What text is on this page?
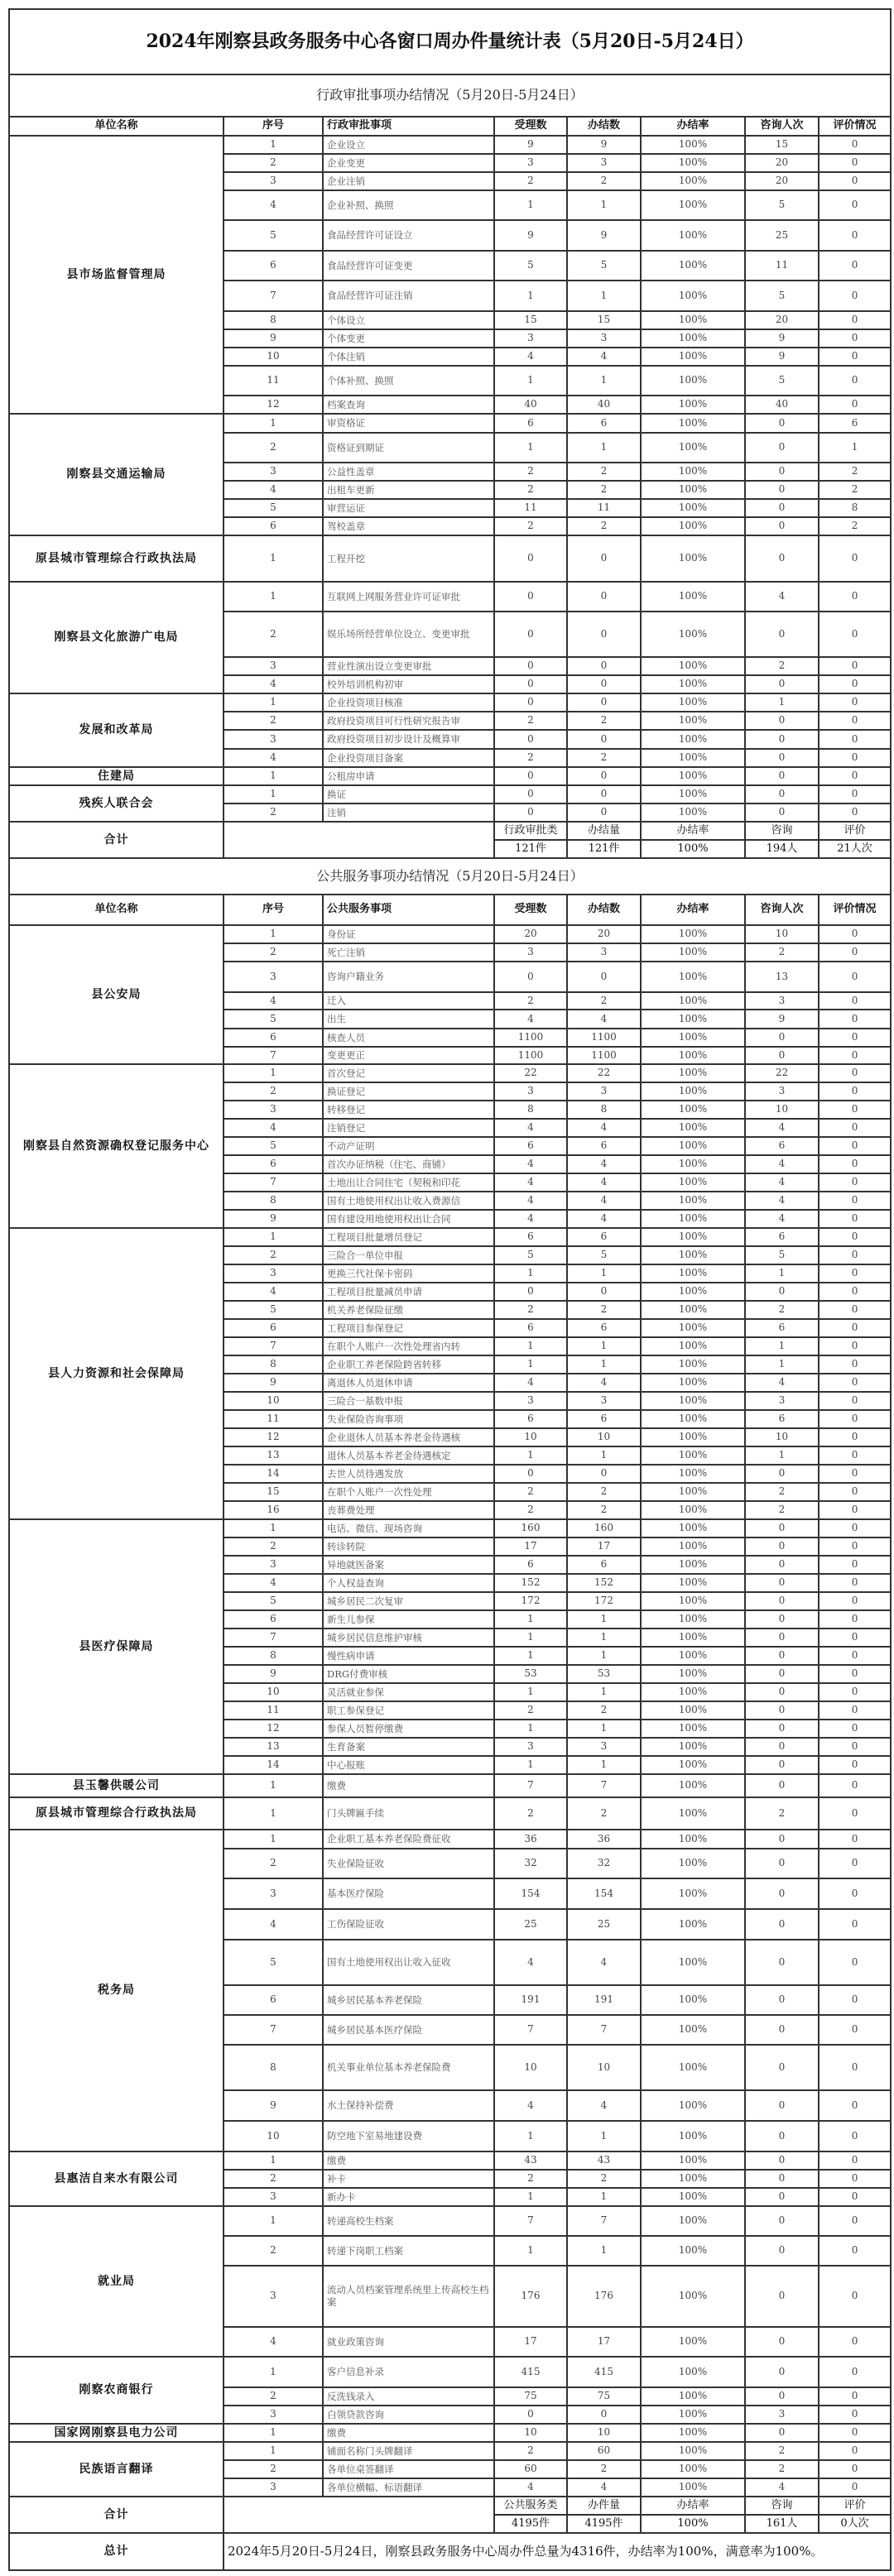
2024年刚察县政务服务中心各窗口周办件量统计表（5月20日-5月24日）							
行政审批事项办结情况（5月20日-5月24日）							
单位名称	序号	行政审批事项	受理数	办结数	办结率	咨询人次	评价情况
县市场监督管理局	1	企业设立	9	9	100%	15	0
	2	企业变更	3	3	100%	20	0
	3	企业注销	2	2	100%	20	0
	4	企业补照、换照	1	1	100%	5	0
	5	食品经营许可证设立	9	9	100%	25	0
	6	食品经营许可证变更	5	5	100%	11	0
	7	食品经营许可证注销	1	1	100%	5	0
	8	个体设立	15	15	100%	20	0
	9	个体变更	3	3	100%	9	0
	10	个体注销	4	4	100%	9	0
	11	个体补照、换照	1	1	100%	5	0
	12	档案查询	40	40	100%	40	0
刚察县交通运输局	1	审资格证	6	6	100%	0	6
	2	资格证到期证	1	1	100%	0	1
	3	公益性盖章	2	2	100%	0	2
	4	出租车更新	2	2	100%	0	2
	5	审营运证	11	11	100%	0	8
	6	驾校盖章	2	2	100%	0	2
原县城市管理综合行政执法局	1	工程开挖	0	0	100%	0	0
刚察县文化旅游广电局	1	互联网上网服务营业许可证审批	0	0	100%	4	0
	2	娱乐场所经营单位设立、变更审批	0	0	100%	0	0
	3	营业性演出设立变更审批	0	0	100%	2	0
	4	校外培训机构初审	0	0	100%	0	0
发展和改革局	1	企业投资项目核准	0	0	100%	1	0
	2	政府投资项目可行性研究报告审	2	2	100%	0	0
	3	政府投资项目初步设计及概算审	0	0	100%	0	0
	4	企业投资项目备案	2	2	100%	0	0
住建局	1	公租房申请	0	0	100%	0	0
残疾人联合会	1	换证	0	0	100%	0	0
	2	注销	0	0	100%	0	0
合计			行政审批类	办结量	办结率	咨询	评价
			121件	121件	100%	194人	21人次
公共服务事项办结情况（5月20日-5月24日）							
单位名称	序号	公共服务事项	受理数	办结数	办结率	咨询人次	评价情况
县公安局	1	身份证	20	20	100%	10	0
	2	死亡注销	3	3	100%	2	0
	3	咨询户籍业务	0	0	100%	13	0
	4	迁入	2	2	100%	3	0
	5	出生	4	4	100%	9	0
	6	核查人员	1100	1100	100%	0	0
	7	变更更正	1100	1100	100%	0	0
刚察县自然资源确权登记服务中心	1	首次登记	22	22	100%	22	0
	2	换证登记	3	3	100%	3	0
	3	转移登记	8	8	100%	10	0
	4	注销登记	4	4	100%	4	0
	5	不动产证明	6	6	100%	6	0
	6	首次办证纳税（住宅、商铺）	4	4	100%	4	0
	7	土地出让合同住宅（契税和印花	4	4	100%	4	0
	8	国有土地使用权出让收入费源信	4	4	100%	4	0
	9	国有建设用地使用权出让合同	4	4	100%	4	0
县人力资源和社会保障局	1	工程项目批量增员登记	6	6	100%	6	0
	2	三险合一单位申报	5	5	100%	5	0
	3	更换三代社保卡密码	1	1	100%	1	0
	4	工程项目批量减员申请	0	0	100%	0	0
	5	机关养老保险征缴	2	2	100%	2	0
	6	工程项目参保登记	6	6	100%	6	0
	7	在职个人账户一次性处理省内转	1	1	100%	1	0
	8	企业职工养老保险跨省转移	1	1	100%	1	0
	9	离退休人员退休申请	4	4	100%	4	0
	10	三险合一基数申报	3	3	100%	3	0
	11	失业保险咨询事项	6	6	100%	6	0
	12	企业退休人员基本养老金待遇核	10	10	100%	10	0
	13	退休人员基本养老金待遇核定	1	1	100%	1	0
	14	去世人员待遇发放	0	0	100%	0	0
	15	在职个人账户一次性处理	2	2	100%	2	0
	16	丧葬费处理	2	2	100%	2	0
县医疗保障局	1	电话、微信、现场咨询	160	160	100%	0	0
	2	转诊转院	17	17	100%	0	0
	3	异地就医备案	6	6	100%	0	0
	4	个人权益查询	152	152	100%	0	0
	5	城乡居民二次复审	172	172	100%	0	0
	6	新生儿参保	1	1	100%	0	0
	7	城乡居民信息维护审核	1	1	100%	0	0
	8	慢性病申请	1	1	100%	0	0
	9	DRG付费审核	53	53	100%	0	0
	10	灵活就业参保	1	1	100%	0	0
	11	职工参保登记	2	2	100%	0	0
	12	参保人员暂停缴费	1	1	100%	0	0
	13	生育备案	3	3	100%	0	0
	14	中心报账	1	1	100%	0	0
县玉馨供暖公司	1	缴费	7	7	100%	0	0
原县城市管理综合行政执法局	1	门头牌匾手续	2	2	100%	2	0
税务局	1	企业职工基本养老保险费征收	36	36	100%	0	0
	2	失业保险征收	32	32	100%	0	0
	3	基本医疗保险	154	154	100%	0	0
	4	工伤保险征收	25	25	100%	0	0
	5	国有土地使用权出让收入征收	4	4	100%	0	0
	6	城乡居民基本养老保险	191	191	100%	0	0
	7	城乡居民基本医疗保险	7	7	100%	0	0
	8	机关事业单位基本养老保险费	10	10	100%	0	0
	9	水土保持补偿费	4	4	100%	0	0
	10	防空地下室易地建设费	1	1	100%	0	0
县惠洁自来水有限公司	1	缴费	43	43	100%	0	0
	2	补卡	2	2	100%	0	0
	3	新办卡	1	1	100%	0	0
就业局	1	转递高校生档案	7	7	100%	0	0
	2	转递下岗职工档案	1	1	100%	0	0
	3	流动人员档案管理系统里上传高校生档案	176	176	100%	0	0
	4	就业政策咨询	17	17	100%	0	0
刚察农商银行	1	客户信息补录	415	415	100%	0	0
	2	反洗钱录入	75	75	100%	0	0
	3	白领贷款咨询	0	0	100%	3	0
国家网刚察县电力公司	1	缴费	10	10	100%	0	0
民族语言翻译	1	铺面名称门头牌翻译	2	60	100%	2	0
	2	各单位桌签翻译	60	2	100%	2	0
	3	各单位横幅、标语翻译	4	4	100%	4	0
合计			公共服务类	办件量	办结率	咨询	评价
			4195件	4195件	100%	161人	0人次
总计	2024年5月20日-5月24日，刚察县政务服务中心周办件总量为4316件，办结率为100%，满意率为100%。						
